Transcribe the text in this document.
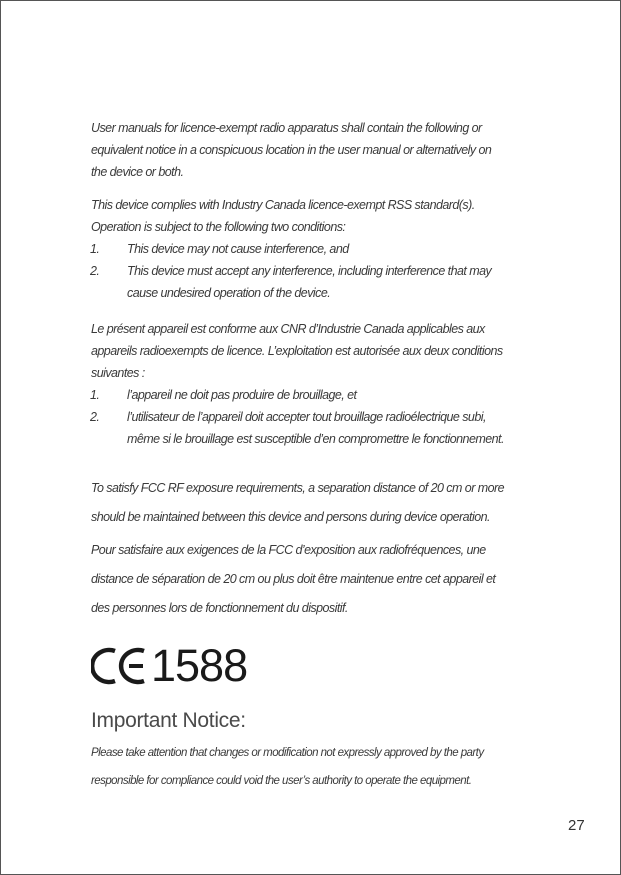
User manuals for licence-exempt radio apparatus shall contain the following or
equivalent notice in a conspicuous location in the user manual or alternatively on
the device or both.
This device complies with Industry Canada licence-exempt RSS standard(s).
Operation is subject to the following two conditions:
1. This device may not cause interference, and
2. This device must accept any interference, including interference that may
cause undesired operation of the device.
Le présent appareil est conforme aux CNR d’Industrie Canada applicables aux
appareils radioexempts de licence. L’exploitation est autorisée aux deux conditions
suivantes :
1. l’appareil ne doit pas produire de brouillage, et
2. l’utilisateur de l’appareil doit accepter tout brouillage radioélectrique subi,
même si le brouillage est susceptible d’en compromettre le fonctionnement.
To satisfy FCC RF exposure requirements, a separation distance of 20 cm or more
should be maintained between this device and persons during device operation.
Pour satisfaire aux exigences de la FCC d’exposition aux radiofréquences, une
distance de séparation de 20 cm ou plus doit être maintenue entre cet appareil et
des personnes lors de fonctionnement du dispositif.
1588
Important Notice:
Please take attention that changes or modification not expressly approved by the party
responsible for compliance could void the user’s authority to operate the equipment.
27
